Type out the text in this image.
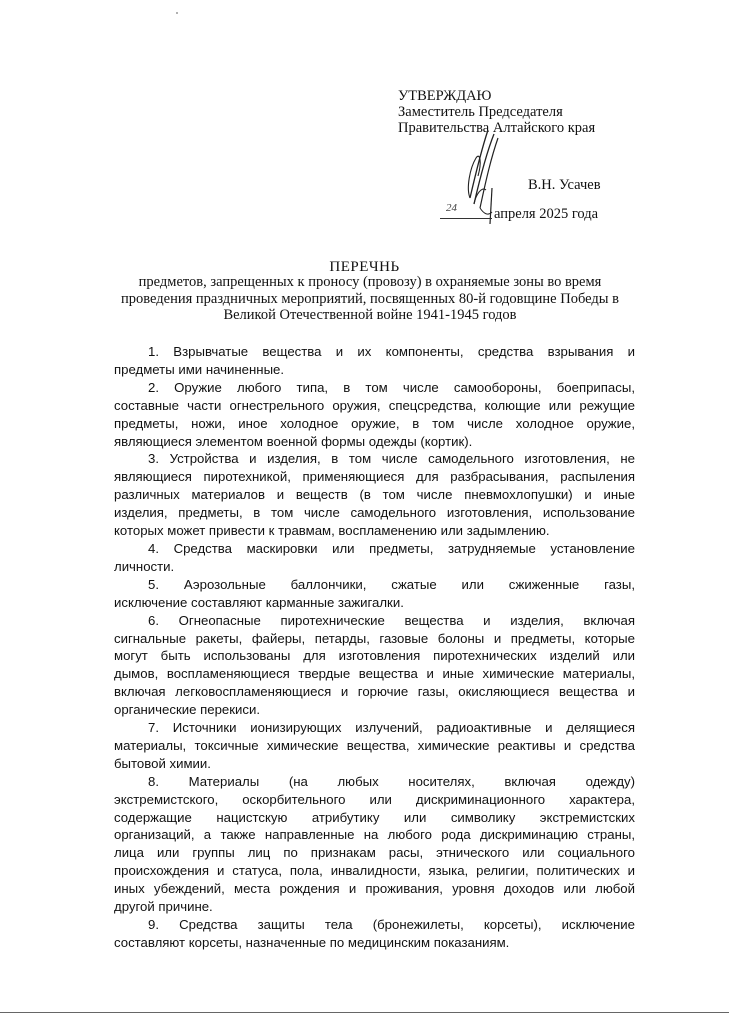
УТВЕРЖДАЮ
Заместитель Председателя
Правительства Алтайского края
В.Н. Усачев
24	апреля 2025 года
ПЕРЕЧНЬ
предметов, запрещенных к проносу (провозу) в охраняемые зоны во время
проведения праздничных мероприятий, посвященных 80-й годовщине Победы в
Великой Отечественной войне 1941-1945 годов
1. Взрывчатые вещества и их компоненты, средства взрывания и
предметы ими начиненные.
2. Оружие любого типа, в том числе самообороны, боеприпасы,
составные части огнестрельного оружия, спецсредства, колющие или режущие
предметы, ножи, иное холодное оружие, в том числе холодное оружие,
являющиеся элементом военной формы одежды (кортик).
3. Устройства и изделия, в том числе самодельного изготовления, не
являющиеся пиротехникой, применяющиеся для разбрасывания, распыления
различных материалов и веществ (в том числе пневмохлопушки) и иные
изделия, предметы, в том числе самодельного изготовления, использование
которых может привести к травмам, воспламенению или задымлению.
4. Средства маскировки или предметы, затрудняемые установление
личности.
5. Аэрозольные баллончики, сжатые или сжиженные газы,
исключение составляют карманные зажигалки.
6. Огнеопасные пиротехнические вещества и изделия, включая
сигнальные ракеты, файеры, петарды, газовые болоны и предметы, которые
могут быть использованы для изготовления пиротехнических изделий или
дымов, воспламеняющиеся твердые вещества и иные химические материалы,
включая легковоспламеняющиеся и горючие газы, окисляющиеся вещества и
органические перекиси.
7. Источники ионизирующих излучений, радиоактивные и делящиеся
материалы, токсичные химические вещества, химические реактивы и средства
бытовой химии.
8. Материалы (на любых носителях, включая одежду)
экстремистского, оскорбительного или дискриминационного характера,
содержащие нацистскую атрибутику или символику экстремистских
организаций, а также направленные на любого рода дискриминацию страны,
лица или группы лиц по признакам расы, этнического или социального
происхождения и статуса, пола, инвалидности, языка, религии, политических и
иных убеждений, места рождения и проживания, уровня доходов или любой
другой причине.
9. Средства защиты тела (бронежилеты, корсеты), исключение
составляют корсеты, назначенные по медицинским показаниям.
